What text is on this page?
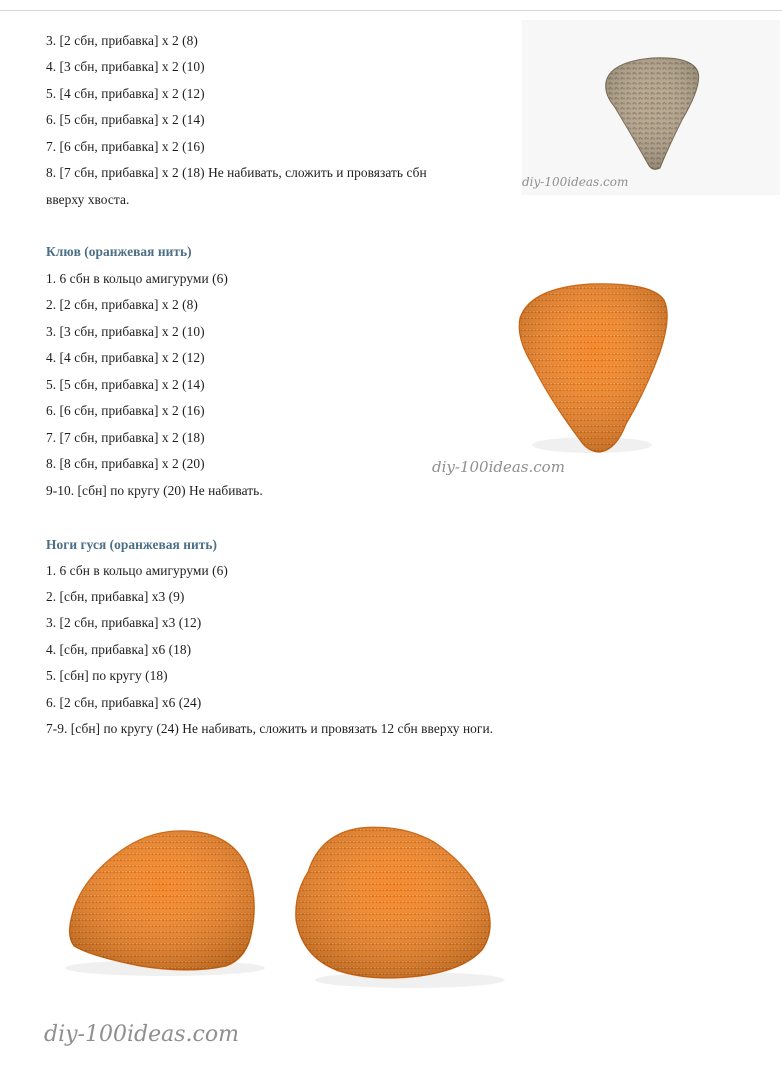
3. [2 сбн, прибавка] х 2 (8)
4. [3 сбн, прибавка] х 2 (10)
5. [4 сбн, прибавка] х 2 (12)
6. [5 сбн, прибавка] х 2 (14)
7. [6 сбн, прибавка] х 2 (16)
8. [7 сбн, прибавка] х 2 (18) Не набивать, сложить и провязать сбн
вверху хвоста.
diy-100ideas.com
Клюв (оранжевая нить)
1. 6 сбн в кольцо амигуруми (6)
2. [2 сбн, прибавка] х 2 (8)
3. [3 сбн, прибавка] х 2 (10)
4. [4 сбн, прибавка] х 2 (12)
5. [5 сбн, прибавка] х 2 (14)
6. [6 сбн, прибавка] х 2 (16)
7. [7 сбн, прибавка] х 2 (18)
8. [8 сбн, прибавка] х 2 (20)
9-10. [сбн] по кругу (20) Не набивать.
diy-100ideas.com
Ноги гуся (оранжевая нить)
1. 6 сбн в кольцо амигуруми (6)
2. [сбн, прибавка] х3 (9)
3. [2 сбн, прибавка] х3 (12)
4. [сбн, прибавка] х6 (18)
5. [сбн] по кругу (18)
6. [2 сбн, прибавка] х6 (24)
7-9. [сбн] по кругу (24) Не набивать, сложить и провязать 12 сбн вверху ноги.
diy-100ideas.com
